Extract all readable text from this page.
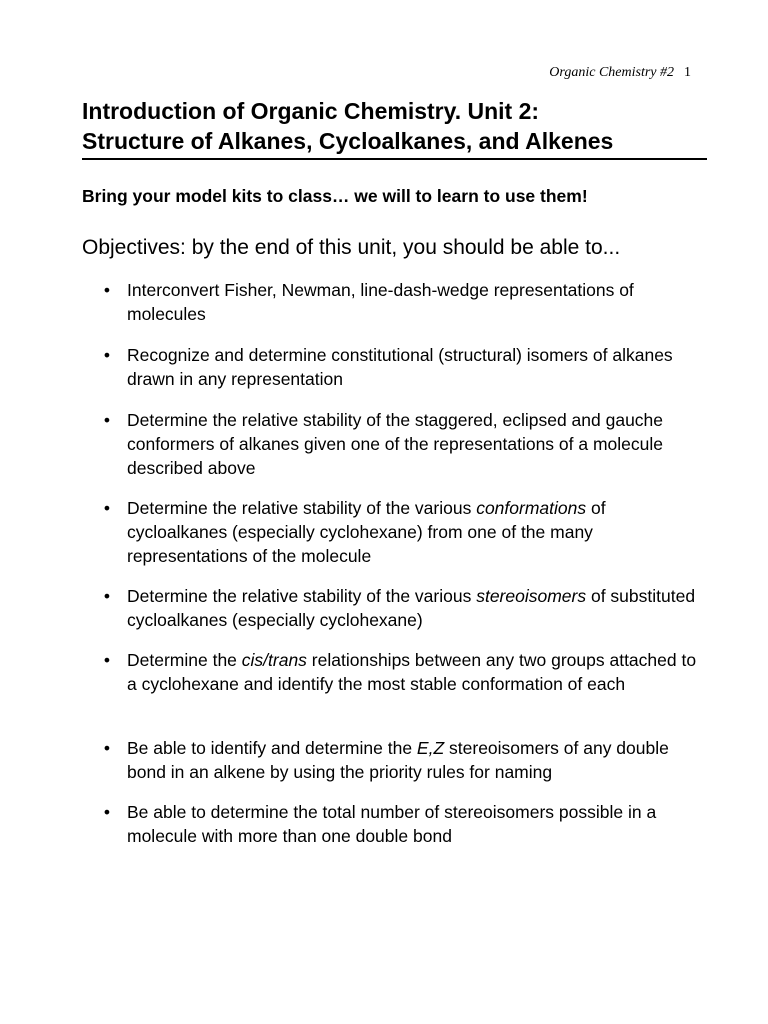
Organic Chemistry #2 1
Introduction of Organic Chemistry. Unit 2:
Structure of Alkanes, Cycloalkanes, and Alkenes
Bring your model kits to class… we will to learn to use them!
Objectives: by the end of this unit, you should be able to...
• Interconvert Fisher, Newman, line-dash-wedge representations of molecules
• Recognize and determine constitutional (structural) isomers of alkanes drawn in any representation
• Determine the relative stability of the staggered, eclipsed and gauche conformers of alkanes given one of the representations of a molecule described above
• Determine the relative stability of the various conformations of cycloalkanes (especially cyclohexane) from one of the many representations of the molecule
• Determine the relative stability of the various stereoisomers of substituted cycloalkanes (especially cyclohexane)
• Determine the cis/trans relationships between any two groups attached to a cyclohexane and identify the most stable conformation of each
• Be able to identify and determine the E,Z stereoisomers of any double bond in an alkene by using the priority rules for naming
• Be able to determine the total number of stereoisomers possible in a molecule with more than one double bond
